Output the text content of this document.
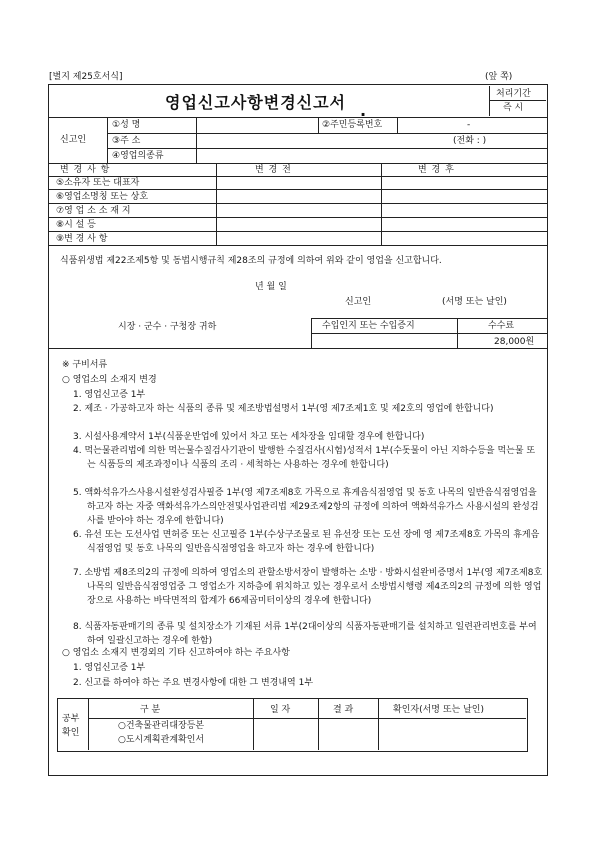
[별지 제25호서식]	(앞 쪽)
영업신고사항변경신고서 .
처리기간
즉 시
신고인
①성 명	②주민등록번호	-
③주 소	(전화 : )
④영업의종류
변 경 사 항	변 경 전	변 경 후
⑤소유자 또는 대표자
⑥영업소명칭 또는 상호
⑦영 업 소 소 재 지
⑧시 설 등
⑨변 경 사 항
식품위생법 제22조제5항 및 동법시행규칙 제28조의 규정에 의하여 위와 같이 영업을 신고합니다.
년 월 일
신고인	(서명 또는 날인)
시장 · 군수 · 구청장 귀하	수입인지 또는 수입증지	수수료
28,000원
※ 구비서류
○ 영업소의 소재지 변경
1. 영업신고증 1부
2. 제조 · 가공하고자 하는 식품의 종류 및 제조방법설명서 1부(영 제7조제1호 및 제2호의 영업에 한합니다)
3. 시설사용계약서 1부(식품운반업에 있어서 차고 또는 세차장을 임대할 경우에 한합니다)
4. 먹는물관리법에 의한 먹는물수질검사기관이 발행한 수질검사(시험)성적서 1부(수돗물이 아닌 지하수등을 먹는물 또는 식품등의 제조과정이나 식품의 조리 · 세척하는 사용하는 경우에 한합니다)
5. 액화석유가스사용시설완성검사필증 1부(영 제7조제8호 가목으로 휴게음식점영업 및 동호 나목의 일반음식점영업을 하고자 하는 자중 액화석유가스의안전및사업관리법 제29조제2항의 규정에 의하여 액화석유가스 사용시설의 완성검사를 받아야 하는 경우에 한합니다)
6. 유선 또는 도선사업 면허증 또는 신고필증 1부(수상구조물로 된 유선장 또는 도선 장에 영 제7조제8호 가목의 휴게음식점영업 및 동호 나목의 일반음식점영업을 하고자 하는 경우에 한합니다)
7. 소방법 제8조의2의 규정에 의하여 영업소의 관할소방서장이 발행하는 소방 · 방화시설완비증명서 1부(영 제7조제8호 나목의 일반음식점영업중 그 영업소가 지하층에 위치하고 있는 경우로서 소방법시행령 제4조의2의 규정에 의한 영업장으로 사용하는 바닥면적의 합계가 66제곱미터이상의 경우에 한합니다)
8. 식품자동판매기의 종류 및 설치장소가 기재된 서류 1부(2대이상의 식품자동판매기를 설치하고 일련관리번호를 부여하여 일괄신고하는 경우에 한함)
○ 영업소 소재지 변경외의 기타 신고하여야 하는 주요사항
1. 영업신고증 1부
2. 신고를 하여야 하는 주요 변경사항에 대한 그 변경내역 1부
공부
확인
구 분	일 자	결 과	확인자(서명 또는 날인)
○건축물관리대장등본
○도시계획관계확인서
